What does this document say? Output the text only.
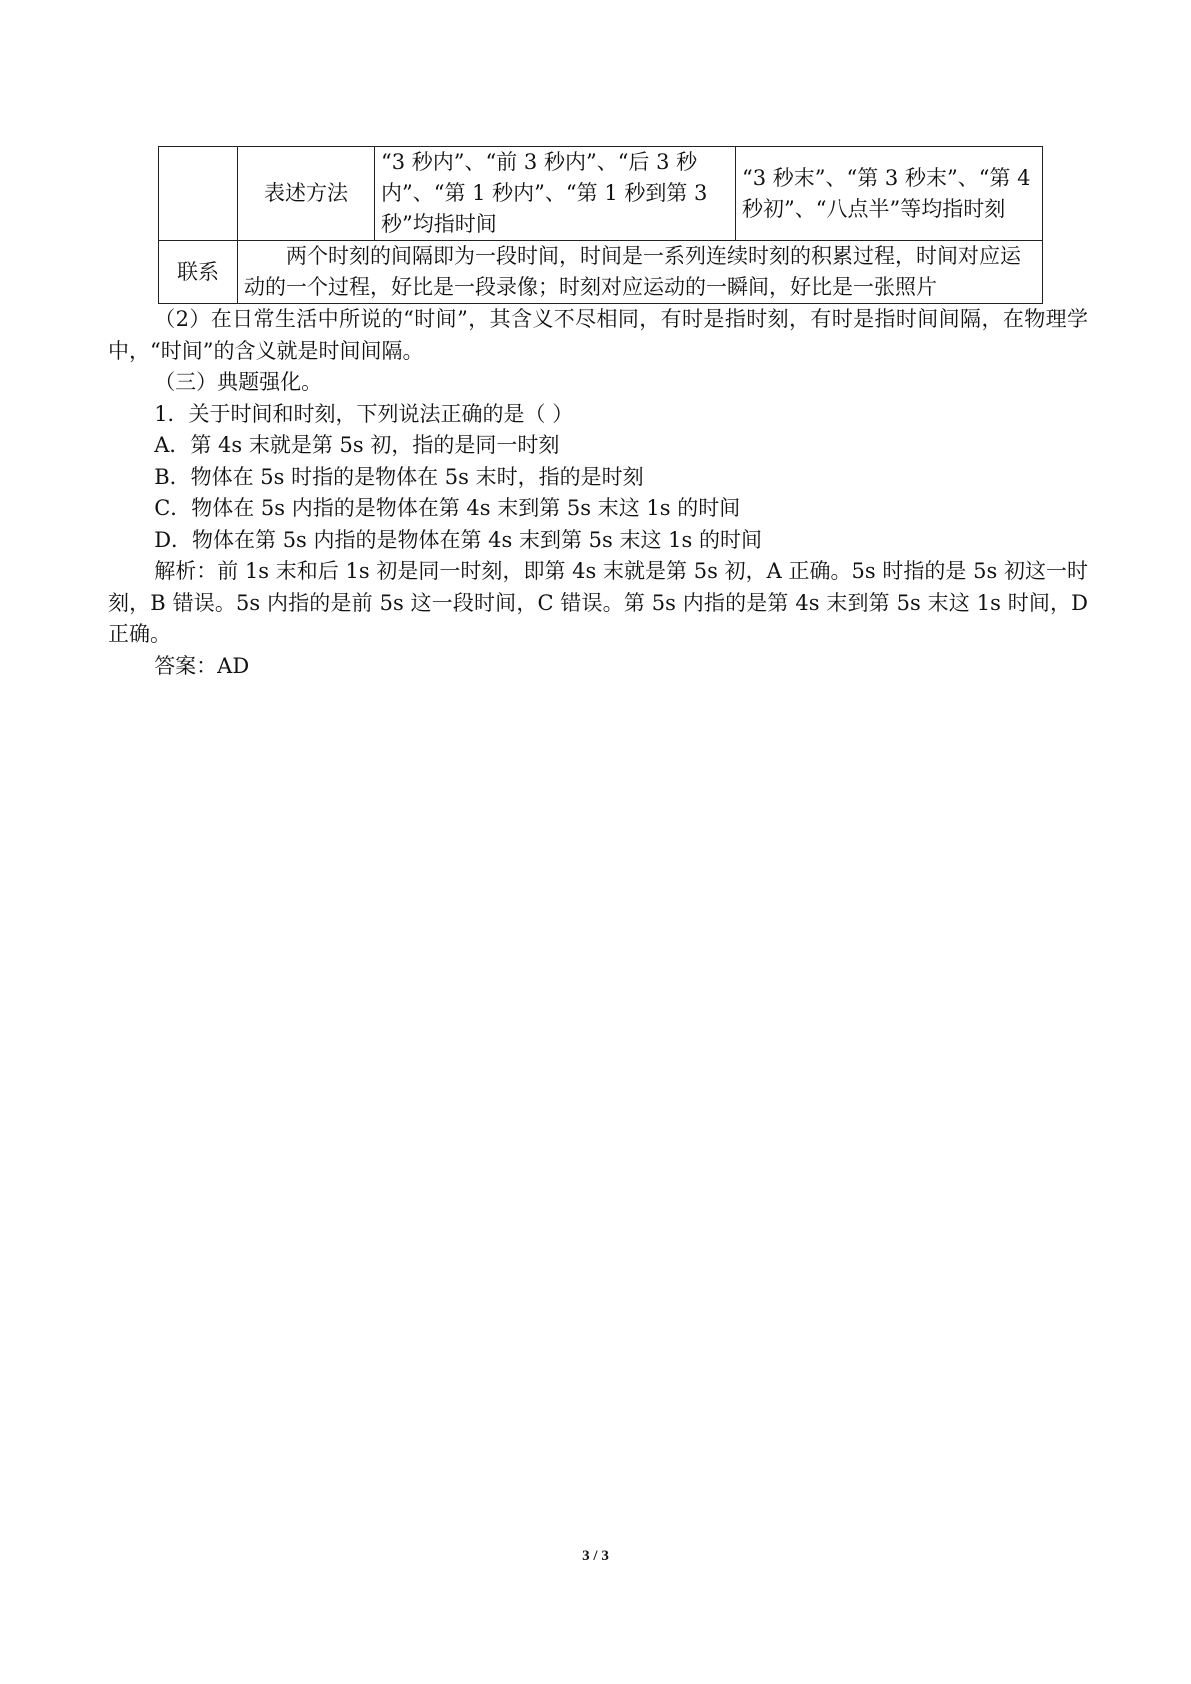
	表述方法	“3 秒内”、“前 3 秒内”、“后 3 秒内”、“第 1 秒内”、“第 1 秒到第 3 秒”均指时间	“3 秒末”、“第 3 秒末”、“第 4 秒初”、“八点半”等均指时刻
联系	两个时刻的间隔即为一段时间，时间是一系列连续时刻的积累过程，时间对应运动的一个过程，好比是一段录像；时刻对应运动的一瞬间，好比是一张照片		

（2）在日常生活中所说的“时间”，其含义不尽相同，有时是指时刻，有时是指时间间隔，在物理学中，“时间”的含义就是时间间隔。

（三）典题强化。

1．关于时间和时刻，下列说法正确的是（ ）

A．第 4s 末就是第 5s 初，指的是同一时刻

B．物体在 5s 时指的是物体在 5s 末时，指的是时刻

C．物体在 5s 内指的是物体在第 4s 末到第 5s 末这 1s 的时间

D．物体在第 5s 内指的是物体在第 4s 末到第 5s 末这 1s 的时间

解析：前 1s 末和后 1s 初是同一时刻，即第 4s 末就是第 5s 初，A 正确。5s 时指的是 5s 初这一时刻，B 错误。5s 内指的是前 5s 这一段时间，C 错误。第 5s 内指的是第 4s 末到第 5s 末这 1s 时间，D 正确。

答案：AD

3 / 3
